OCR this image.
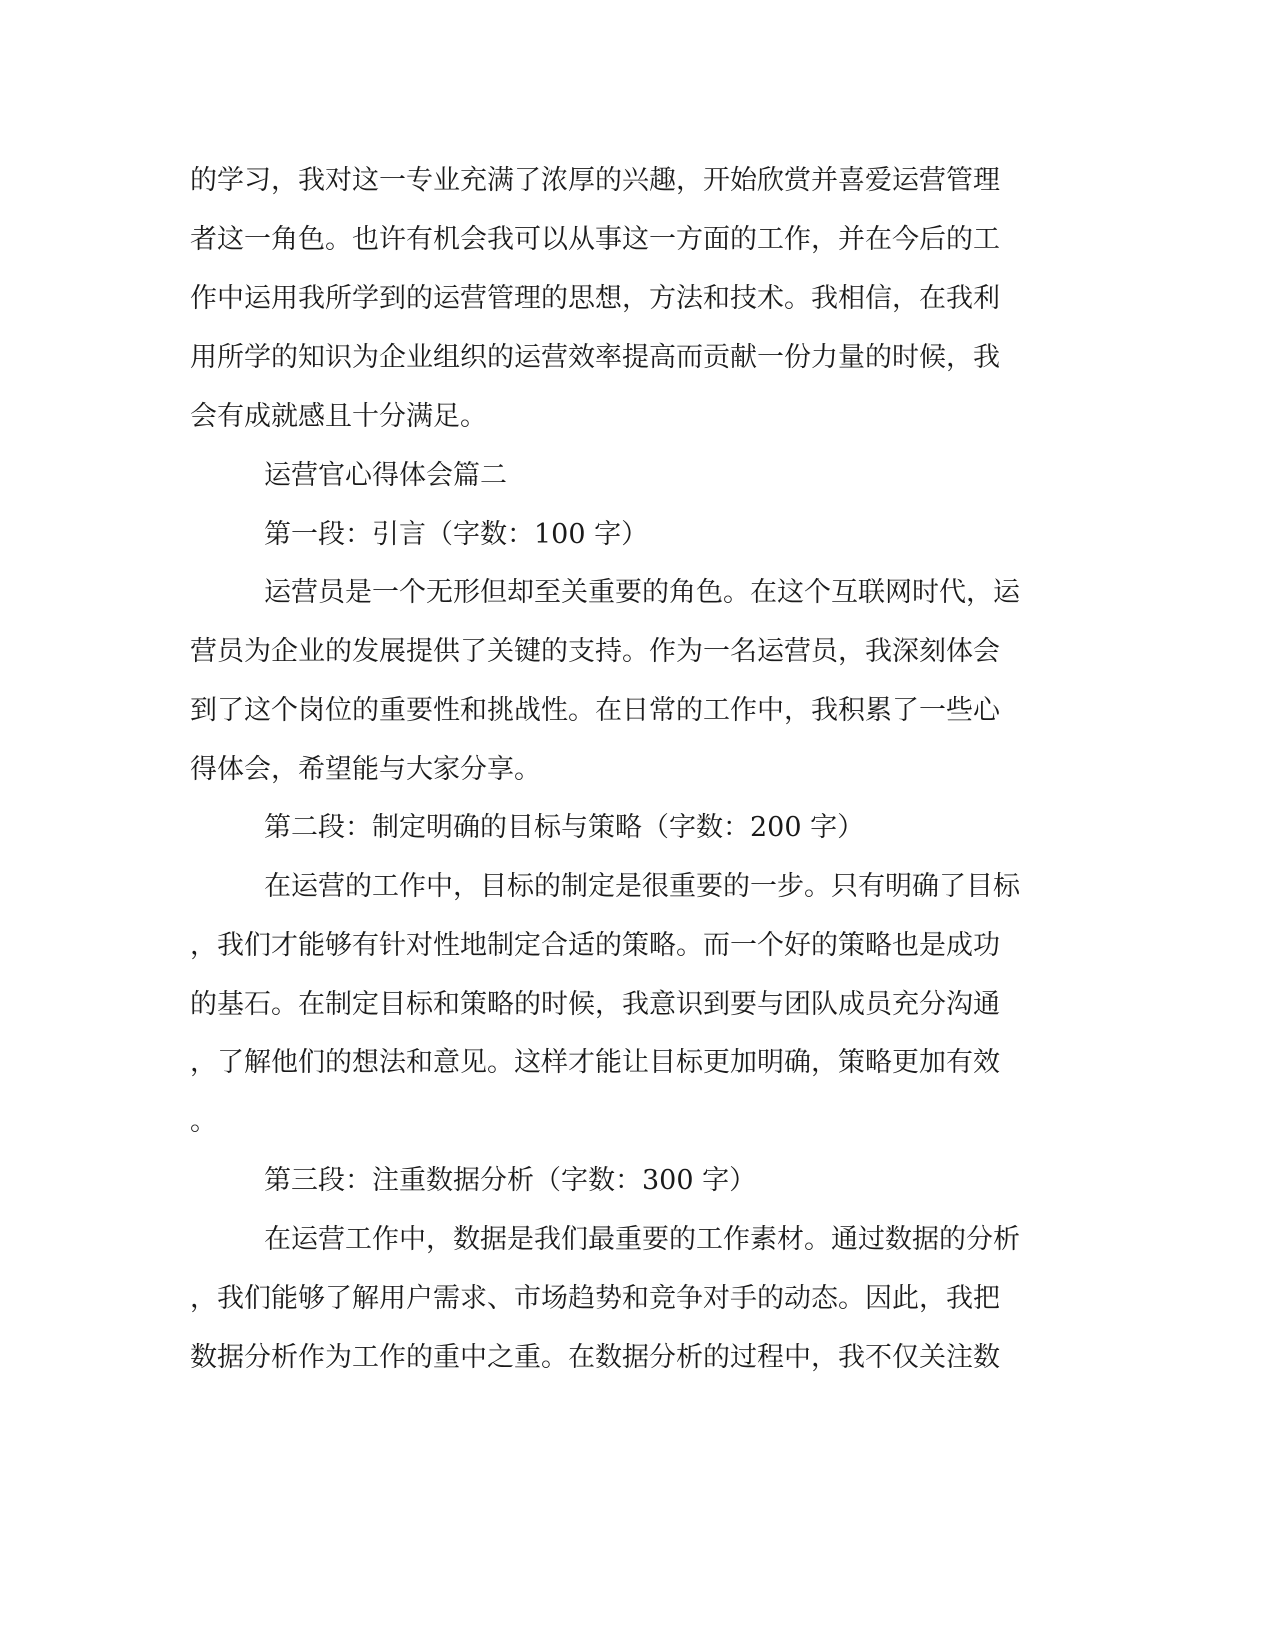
的学习，我对这一专业充满了浓厚的兴趣，开始欣赏并喜爱运营管理

者这一角色。也许有机会我可以从事这一方面的工作，并在今后的工

作中运用我所学到的运营管理的思想，方法和技术。我相信，在我利

用所学的知识为企业组织的运营效率提高而贡献一份力量的时候，我

会有成就感且十分满足。

运营官心得体会篇二

第一段：引言（字数：100 字）

运营员是一个无形但却至关重要的角色。在这个互联网时代，运

营员为企业的发展提供了关键的支持。作为一名运营员，我深刻体会

到了这个岗位的重要性和挑战性。在日常的工作中，我积累了一些心

得体会，希望能与大家分享。

第二段：制定明确的目标与策略（字数：200 字）

在运营的工作中，目标的制定是很重要的一步。只有明确了目标

，我们才能够有针对性地制定合适的策略。而一个好的策略也是成功

的基石。在制定目标和策略的时候，我意识到要与团队成员充分沟通

，了解他们的想法和意见。这样才能让目标更加明确，策略更加有效

。

第三段：注重数据分析（字数：300 字）

在运营工作中，数据是我们最重要的工作素材。通过数据的分析

，我们能够了解用户需求、市场趋势和竞争对手的动态。因此，我把

数据分析作为工作的重中之重。在数据分析的过程中，我不仅关注数
